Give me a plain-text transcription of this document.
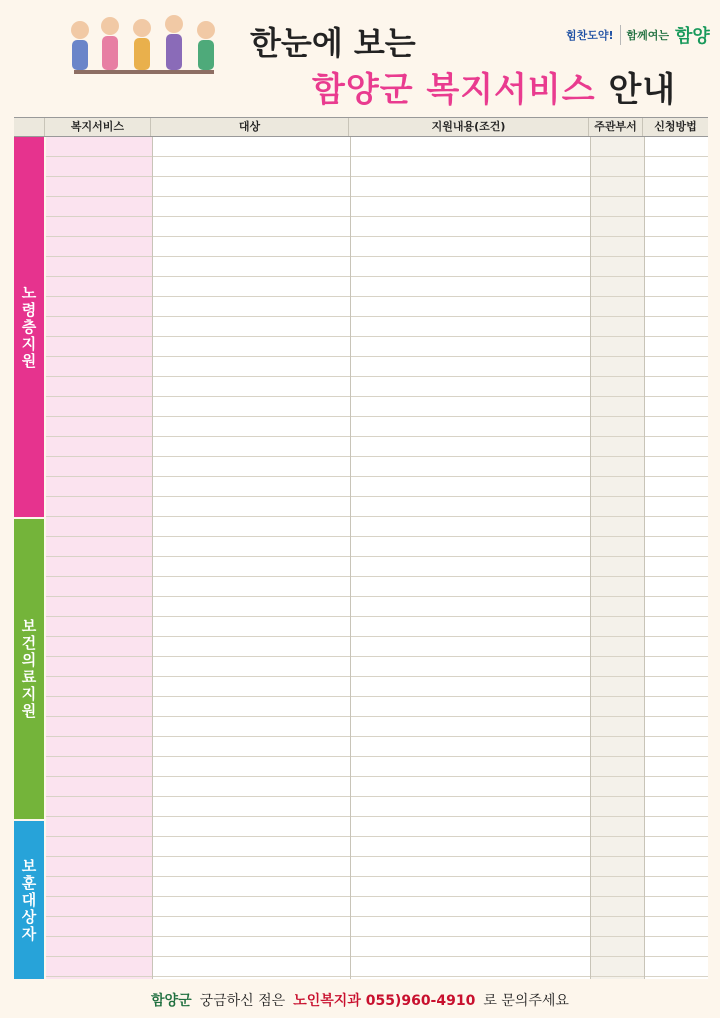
한눈에 보는
함양군 복지서비스 안내
힘찬도약! 함께여는 함양
복지서비스	대상	지원내용(조건)	주관부서	신청방법
노령층지원
보건의료지원
보훈대상자
함양군 궁금하신 점은 노인복지과 055)960-4910 로 문의주세요
